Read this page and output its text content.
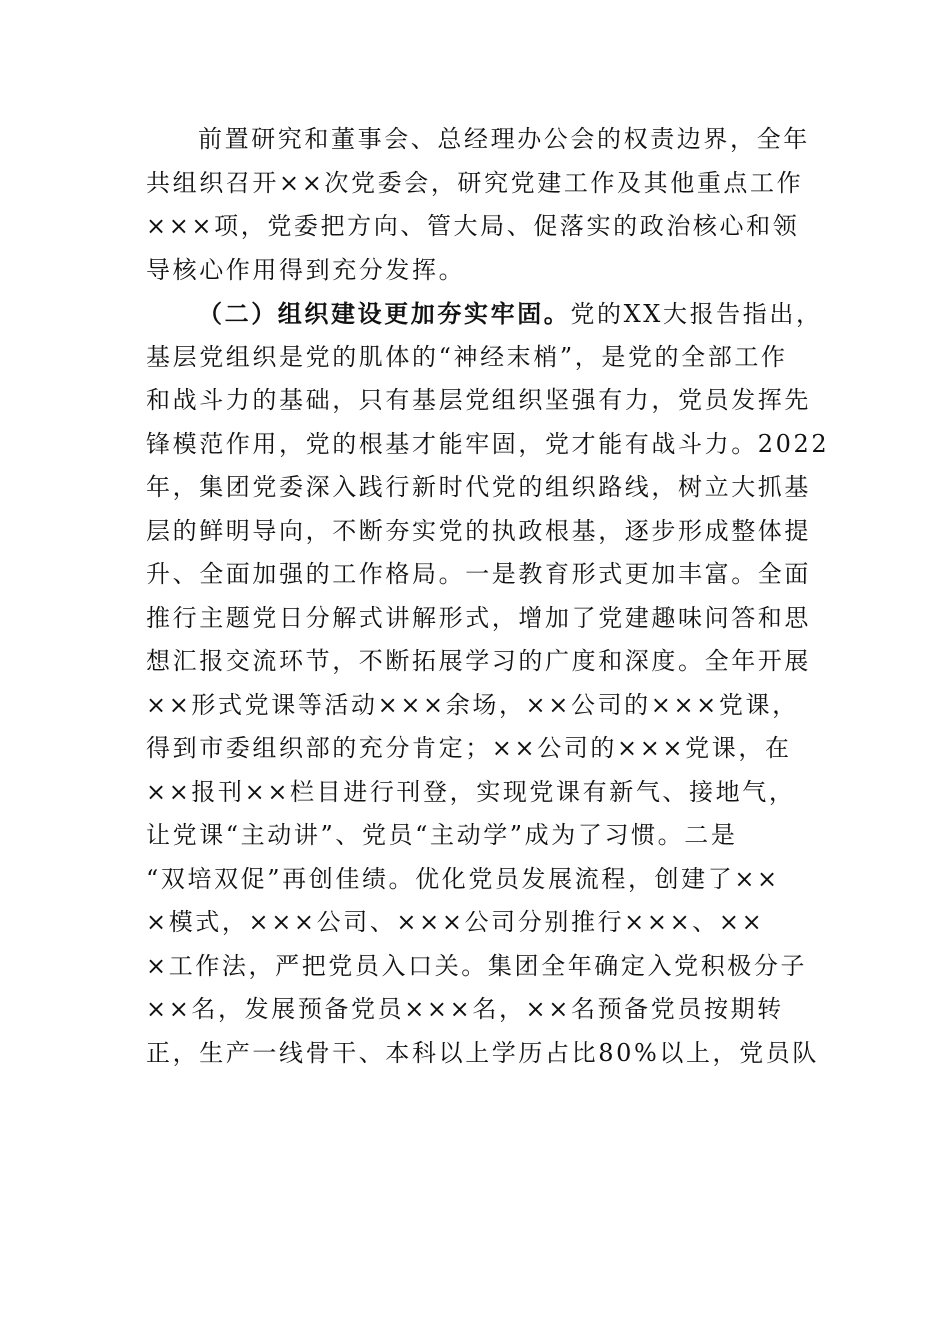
前置研究和董事会、总经理办公会的权责边界，全年
共组织召开××次党委会，研究党建工作及其他重点工作
×××项，党委把方向、管大局、促落实的政治核心和领
导核心作用得到充分发挥。
（二）组织建设更加夯实牢固。党的XX大报告指出，
基层党组织是党的肌体的“神经末梢”，是党的全部工作
和战斗力的基础，只有基层党组织坚强有力，党员发挥先
锋模范作用，党的根基才能牢固，党才能有战斗力。2022
年，集团党委深入践行新时代党的组织路线，树立大抓基
层的鲜明导向，不断夯实党的执政根基，逐步形成整体提
升、全面加强的工作格局。一是教育形式更加丰富。全面
推行主题党日分解式讲解形式，增加了党建趣味问答和思
想汇报交流环节，不断拓展学习的广度和深度。全年开展
××形式党课等活动×××余场，××公司的×××党课，
得到市委组织部的充分肯定；××公司的×××党课，在
××报刊××栏目进行刊登，实现党课有新气、接地气，
让党课“主动讲”、党员“主动学”成为了习惯。二是
“双培双促”再创佳绩。优化党员发展流程，创建了××
×模式，×××公司、×××公司分别推行×××、××
×工作法，严把党员入口关。集团全年确定入党积极分子
××名，发展预备党员×××名，××名预备党员按期转
正，生产一线骨干、本科以上学历占比80%以上，党员队
